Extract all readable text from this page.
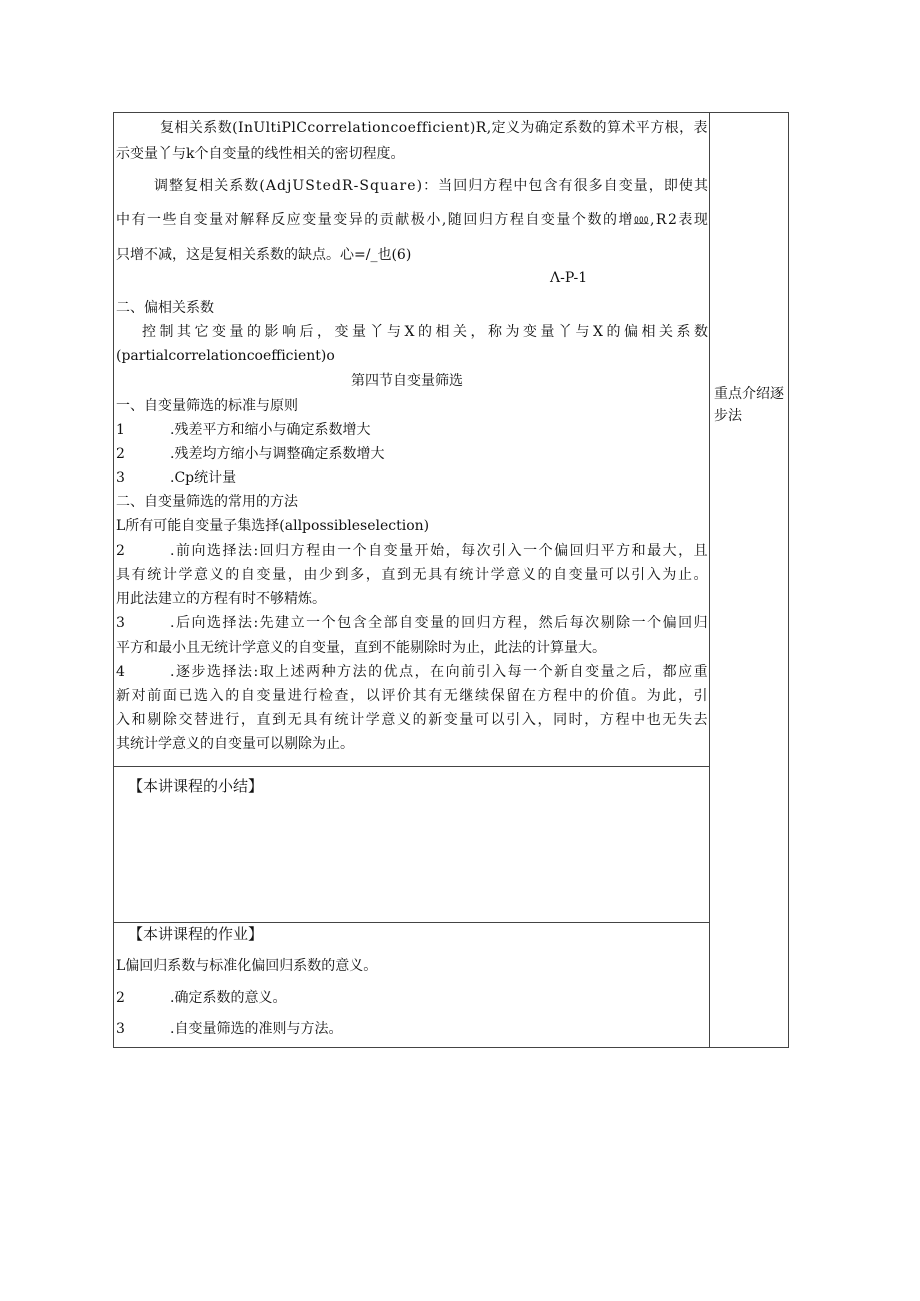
复 相 关 系 数 ( I n U l t i P l C c o r r e l a t i o n c o e f f i c i e n t ) R , 定 义 为 确 定 系 数 的 算 术 平 方 根 ， 表
示变量丫与k个自变量的线性相关的密切程度。
调 整 复 相 关 系 数 ( A d j U S t e d R - S q u a r e ) ： 当 回 归 方 程 中 包 含 有 很 多 自 变 量 ， 即 使 其
中 有 一 些 自 变 量 对 解 释 反 应 变 量 变 异 的 贡 献 极 小 , 随 回 归 方 程 自 变 量 个 数 的 增 ⅏ , R 2 表 现
只增不减，这是复相关系数的缺点。心=/_也(6)
Λ-P-1
二、偏相关系数
控 制 其 它 变 量 的 影 响 后 ， 变 量 丫 与 X 的 相 关 ， 称 为 变 量 丫 与 X 的 偏 相 关 系 数
(partialcorrelationcoefficient)o
第四节自变量筛选
一、自变量筛选的标准与原则
1	.残差平方和缩小与确定系数增大
2	.残差均方缩小与调整确定系数增大
3	.Cp统计量
二、自变量筛选的常用的方法
L所有可能自变量子集选择(allpossibleselection)
2	. 前 向 选 择 法 : 回 归 方 程 由 一 个 自 变 量 开 始 ， 每 次 引 入 一 个 偏 回 归 平 方 和 最 大 ， 且
具 有 统 计 学 意 义 的 自 变 量 ， 由 少 到 多 ， 直 到 无 具 有 统 计 学 意 义 的 自 变 量 可 以 引 入 为 止 。
用此法建立的方程有时不够精炼。
3	. 后 向 选 择 法 : 先 建 立 一 个 包 含 全 部 自 变 量 的 回 归 方 程 ， 然 后 每 次 剔 除 一 个 偏 回 归
平方和最小且无统计学意义的自变量，直到不能剔除时为止，此法的计算量大。
4	. 逐 步 选 择 法 : 取 上 述 两 种 方 法 的 优 点 ， 在 向 前 引 入 每 一 个 新 自 变 量 之 后 ， 都 应 重
新 对 前 面 已 选 入 的 自 变 量 进 行 检 查 ， 以 评 价 其 有 无 继 续 保 留 在 方 程 中 的 价 值 。 为 此 ， 引
入 和 剔 除 交 替 进 行 ， 直 到 无 具 有 统 计 学 意 义 的 新 变 量 可 以 引 入 ， 同 时 ， 方 程 中 也 无 失 去
其统计学意义的自变量可以剔除为止。
重点介绍逐步法
【本讲课程的小结】
【本讲课程的作业】
L偏回归系数与标准化偏回归系数的意义。
2	.确定系数的意义。
3	.自变量筛选的准则与方法。
